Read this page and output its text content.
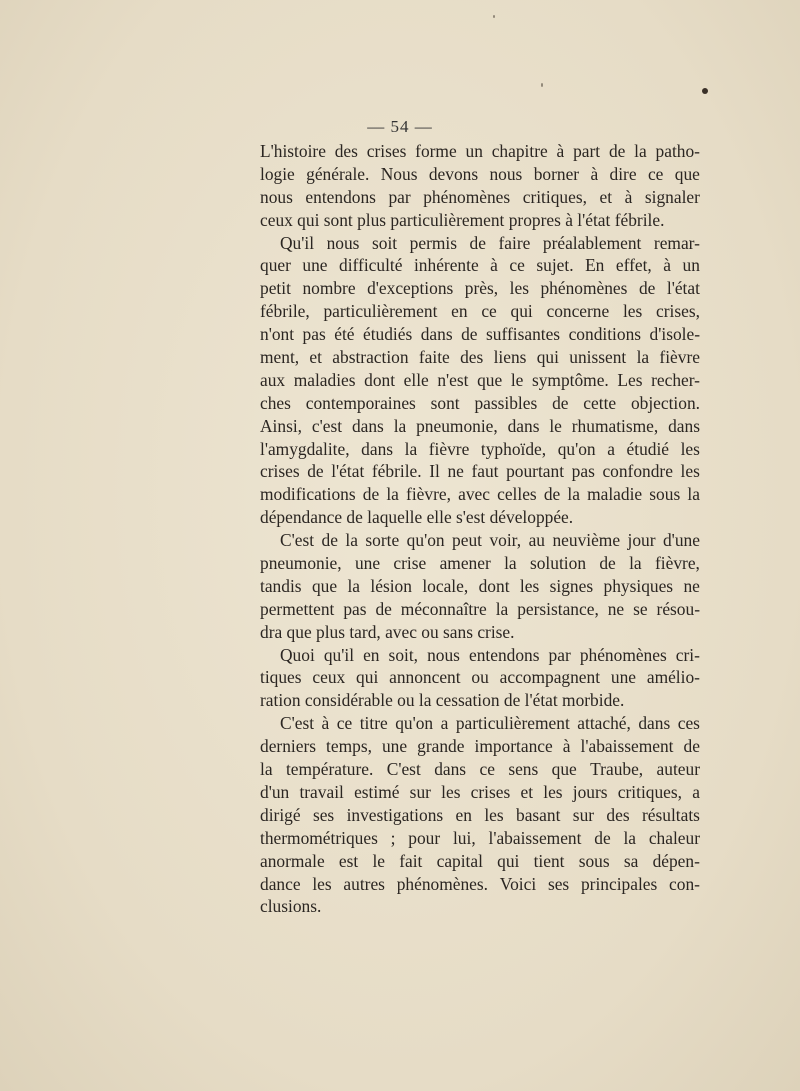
— 54 —
L'histoire des crises forme un chapitre à part de la patho-
logie générale. Nous devons nous borner à dire ce que
nous entendons par phénomènes critiques, et à signaler
ceux qui sont plus particulièrement propres à l'état fébrile.
Qu'il nous soit permis de faire préalablement remar-
quer une difficulté inhérente à ce sujet. En effet, à un
petit nombre d'exceptions près, les phénomènes de l'état
fébrile, particulièrement en ce qui concerne les crises,
n'ont pas été étudiés dans de suffisantes conditions d'isole-
ment, et abstraction faite des liens qui unissent la fièvre
aux maladies dont elle n'est que le symptôme. Les recher-
ches contemporaines sont passibles de cette objection.
Ainsi, c'est dans la pneumonie, dans le rhumatisme, dans
l'amygdalite, dans la fièvre typhoïde, qu'on a étudié les
crises de l'état fébrile. Il ne faut pourtant pas confondre les
modifications de la fièvre, avec celles de la maladie sous la
dépendance de laquelle elle s'est développée.
C'est de la sorte qu'on peut voir, au neuvième jour d'une
pneumonie, une crise amener la solution de la fièvre,
tandis que la lésion locale, dont les signes physiques ne
permettent pas de méconnaître la persistance, ne se résou-
dra que plus tard, avec ou sans crise.
Quoi qu'il en soit, nous entendons par phénomènes cri-
tiques ceux qui annoncent ou accompagnent une amélio-
ration considérable ou la cessation de l'état morbide.
C'est à ce titre qu'on a particulièrement attaché, dans ces
derniers temps, une grande importance à l'abaissement de
la température. C'est dans ce sens que Traube, auteur
d'un travail estimé sur les crises et les jours critiques, a
dirigé ses investigations en les basant sur des résultats
thermométriques ; pour lui, l'abaissement de la chaleur
anormale est le fait capital qui tient sous sa dépen-
dance les autres phénomènes. Voici ses principales con-
clusions.
